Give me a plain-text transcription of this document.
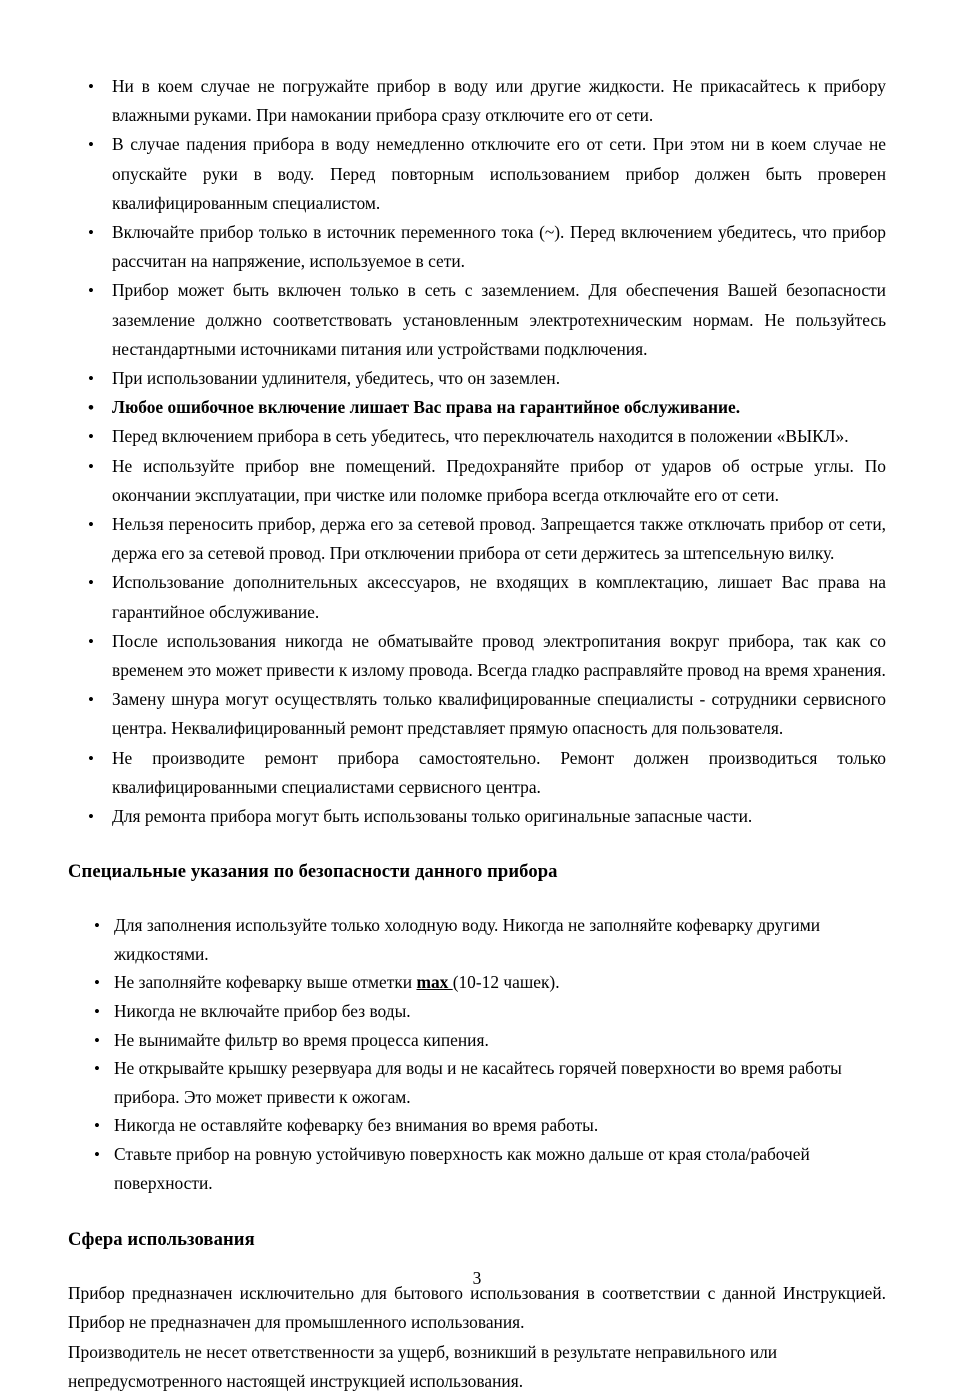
• Ни в коем случае не погружайте прибор в воду или другие жидкости. Не прикасайтесь к прибору влажными руками. При намокании прибора сразу отключите его от сети.
• В случае падения прибора в воду немедленно отключите его от сети. При этом ни в коем случае не опускайте руки в воду. Перед повторным использованием прибор должен быть проверен квалифицированным специалистом.
• Включайте прибор только в источник переменного тока (~). Перед включением убедитесь, что прибор рассчитан на напряжение, используемое в сети.
• Прибор может быть включен только в сеть с заземлением. Для обеспечения Вашей безопасности заземление должно соответствовать установленным электротехническим нормам. Не пользуйтесь нестандартными источниками питания или устройствами подключения.
• При использовании удлинителя, убедитесь, что он заземлен.
• Любое ошибочное включение лишает Вас права на гарантийное обслуживание.
• Перед включением прибора в сеть убедитесь, что переключатель находится в положении «ВЫКЛ».
• Не используйте прибор вне помещений. Предохраняйте прибор от ударов об острые углы. По окончании эксплуатации, при чистке или поломке прибора всегда отключайте его от сети.
• Нельзя переносить прибор, держа его за сетевой провод. Запрещается также отключать прибор от сети, держа его за сетевой провод. При отключении прибора от сети держитесь за штепсельную вилку.
• Использование дополнительных аксессуаров, не входящих в комплектацию, лишает Вас права на гарантийное обслуживание.
• После использования никогда не обматывайте провод электропитания вокруг прибора, так как со временем это может привести к излому провода. Всегда гладко расправляйте провод на время хранения.
• Замену шнура могут осуществлять только квалифицированные специалисты - сотрудники сервисного центра. Неквалифицированный ремонт представляет прямую опасность для пользователя.
• Не производите ремонт прибора самостоятельно. Ремонт должен производиться только квалифицированными специалистами сервисного центра.
• Для ремонта прибора могут быть использованы только оригинальные запасные части.
Специальные указания по безопасности данного прибора
• Для заполнения используйте только холодную воду. Никогда не заполняйте кофеварку другими жидкостями.
• Не заполняйте кофеварку выше отметки max (10-12 чашек).
• Никогда не включайте прибор без воды.
• Не вынимайте фильтр во время процесса кипения.
• Не открывайте крышку резервуара для воды и не касайтесь горячей поверхности во время работы прибора. Это может привести к ожогам.
• Никогда не оставляйте кофеварку без внимания во время работы.
• Ставьте прибор на ровную устойчивую поверхность как можно дальше от края стола/рабочей поверхности.
Сфера использования

Прибор предназначен исключительно для бытового использования в соответствии с данной Инструкцией. Прибор не предназначен для промышленного использования.

Производитель не несет ответственности за ущерб, возникший в результате неправильного или непредусмотренного настоящей инструкцией использования.

3
